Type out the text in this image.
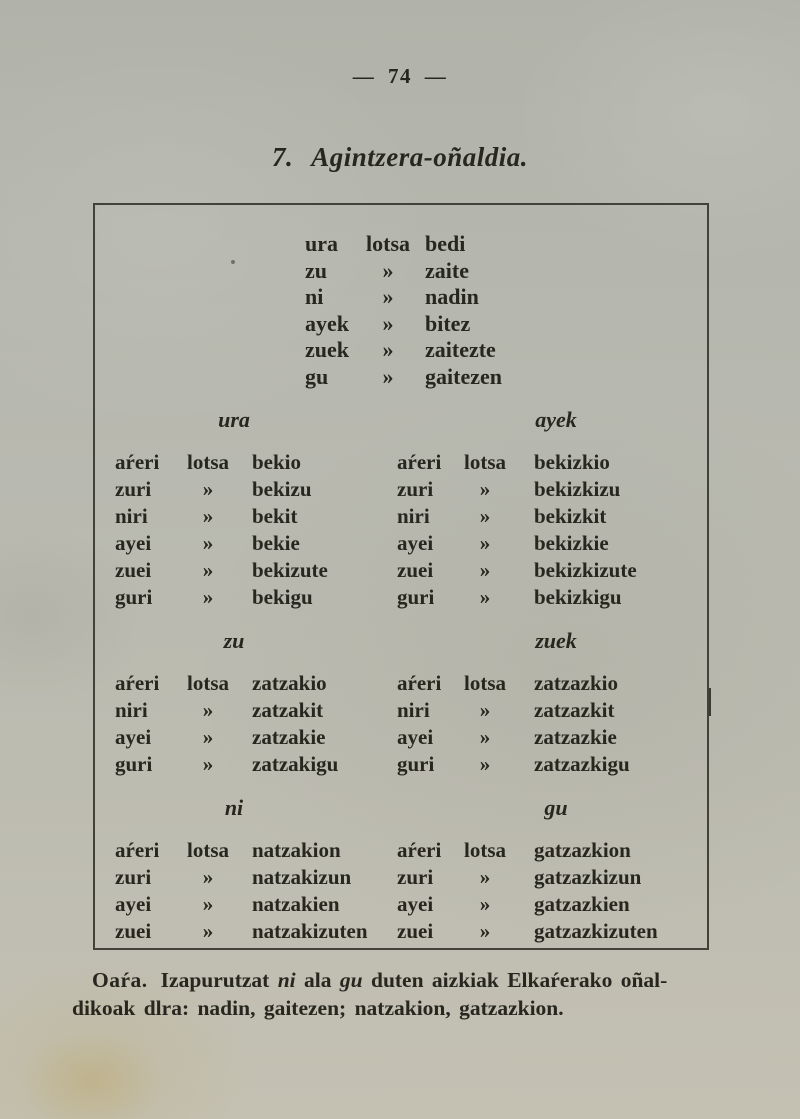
— 74 —
7. Agintzera-oñaldia.
ura	lotsa bedi
zu	»	zaite
ni	»	nadin
ayek	»	bitez
zuek	»	zaitezte
gu	»	gaitezen
ura
aŕeri	lotsa	bekio
zuri	»	bekizu
niri	»	bekit
ayei	»	bekie
zuei	»	bekizute
guri	»	bekigu
ayek
aŕeri	lotsa	bekizkio
zuri	»	bekizkizu
niri	»	bekizkit
ayei	»	bekizkie
zuei	»	bekizkizute
guri	»	bekizkigu
zu
aŕeri	lotsa	zatzakio
niri	»	zatzakit
ayei	»	zatzakie
guri	»	zatzakigu
zuek
aŕeri	lotsa	zatzazkio
niri	»	zatzazkit
ayei	»	zatzazkie
guri	»	zatzazkigu
ni
aŕeri	lotsa	natzakion
zuri	»	natzakizun
ayei	»	natzakien
zuei	»	natzakizuten
gu
aŕeri	lotsa	gatzazkion
zuri	»	gatzazkizun
ayei	»	gatzazkien
zuei	»	gatzazkizuten
Oaŕa. Izapurutzat ni ala gu duten aizkiak Elkaŕerako oñal-
dikoak dlra: nadin, gaitezen; natzakion, gatzazkion.
